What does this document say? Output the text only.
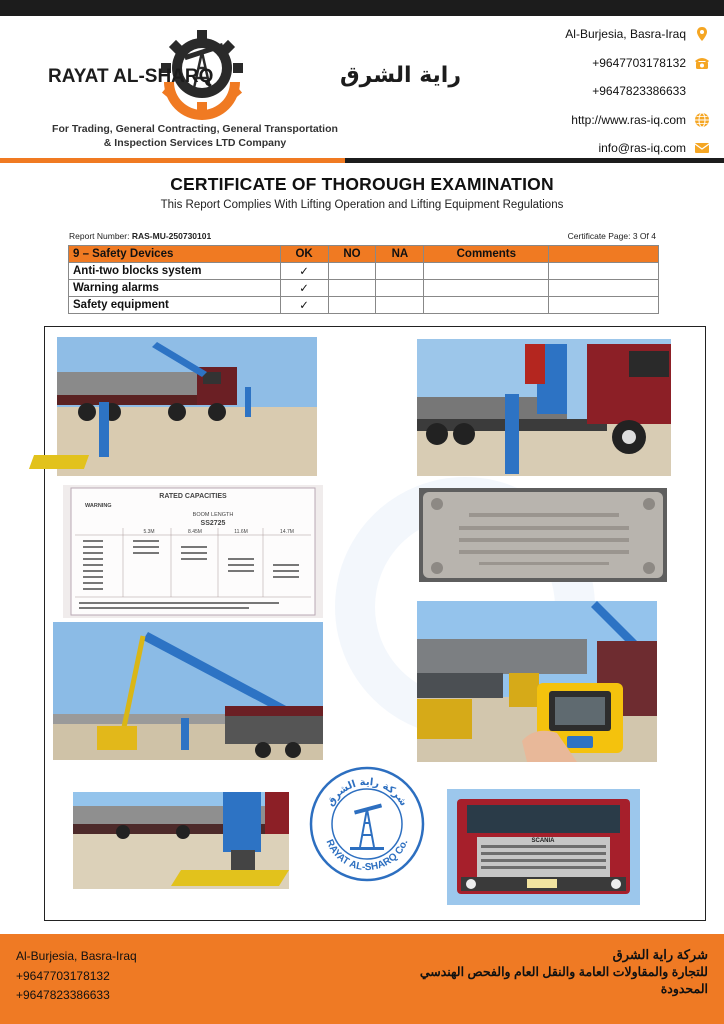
RAYAT AL-SHARQ	راية الشرق
For Trading, General Contracting, General Transportation
& Inspection Services LTD Company
Al-Burjesia, Basra-Iraq
+9647703178132
+9647823386633
http://www.ras-iq.com
info@ras-iq.com
CERTIFICATE OF THOROUGH EXAMINATION
This Report Complies With Lifting Operation and Lifting Equipment Regulations
Report Number: RAS-MU-250730101	Certificate Page: 3 Of 4
9 – Safety Devices	OK	NO	NA	Comments	
Anti-two blocks system	✓				
Warning alarms	✓				
Safety equipment	✓				
RATED CAPACITIES
WARNING
BOOM LENGTH
SS2725
5.3M	8.45M	11.6M	14.7M
شركة راية الشرق
RAYAT AL-SHARQ Co.	SCANIA
Al-Burjesia, Basra-Iraq
+9647703178132
+9647823386633
شركة راية الشرق
للتجارة والمقاولات العامة والنقل العام والفحص الهندسي
المحدودة
